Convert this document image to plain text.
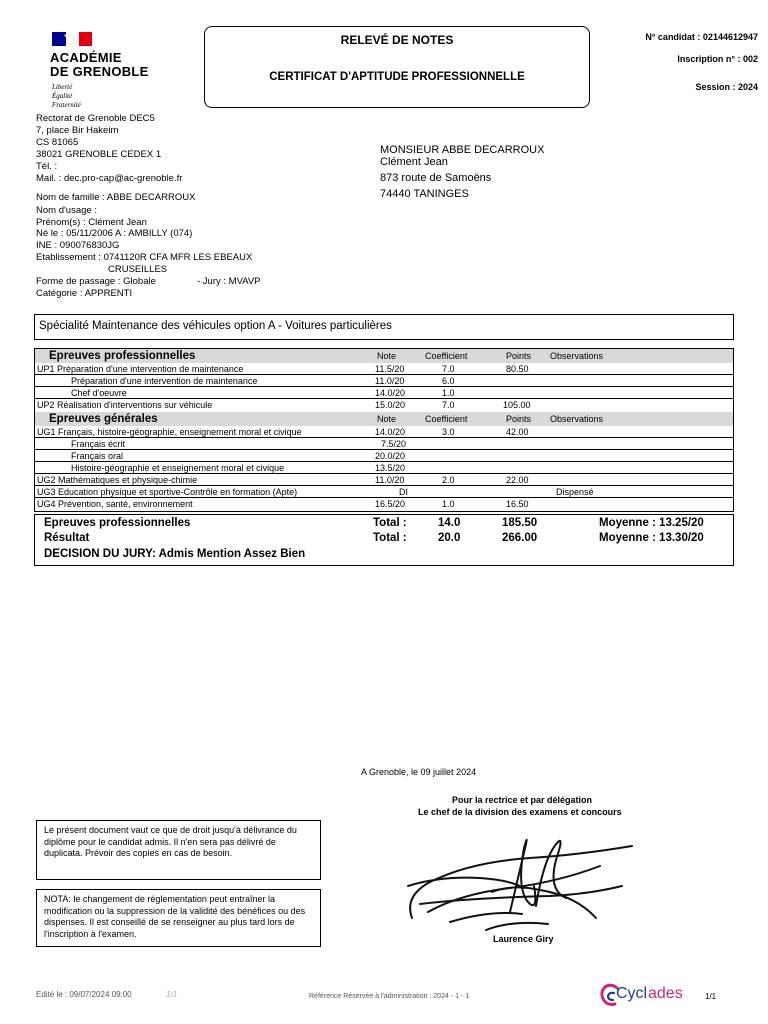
ACADÉMIE
DE GRENOBLE
Liberté
Égalité
Fraternité
RELEVÉ DE NOTES
CERTIFICAT D'APTITUDE PROFESSIONNELLE
N° candidat : 02144612947
Inscription n° : 002
Session : 2024
Rectorat de Grenoble DEC5
7, place Bir Hakeim
CS 81065
38021 GRENOBLE CEDEX 1
Tél. :
Mail. : dec.pro-cap@ac-grenoble.fr
MONSIEUR ABBE DECARROUX
Clément Jean
873 route de Samoëns
74440 TANINGES
Nom de famille : ABBE DECARROUX
Nom d'usage :
Prénom(s) : Clément Jean
Né le : 05/11/2006 A : AMBILLY (074)
INE : 090076830JG
Etablissement : 0741120R CFA MFR LES EBEAUX
CRUSEILLES
Forme de passage : Globale	- Jury : MVAVP
Catégorie : APPRENTI
Spécialité Maintenance des véhicules option A - Voitures particulières
Epreuves professionnelles	Note	Coefficient	Points Observations
UP1 Préparation d'une intervention de maintenance	11.5/20	7.0	80.50
Préparation d'une intervention de maintenance	11.0/20	6.0
Chef d'oeuvre	14.0/20	1.0
UP2 Réalisation d'interventions sur véhicule	15.0/20	7.0	105.00
Epreuves générales	Note	Coefficient	Points Observations
UG1 Français, histoire-géographie, enseignement moral et civique	14.0/20	3.0	42.00
Français écrit	7.5/20
Français oral	20.0/20
Histoire-géographie et enseignement moral et civique	13.5/20
UG2 Mathématiques et physique-chimie	11.0/20	2.0	22.00
UG3 Education physique et sportive-Contrôle en formation (Apte)	DI	Dispensé
UG4 Prévention, santé, environnement	16.5/20	1.0	16.50
Epreuves professionnelles	Total :	14.0	185.50	Moyenne : 13.25/20
Résultat	Total :	20.0	266.00	Moyenne : 13.30/20
DECISION DU JURY: Admis Mention Assez Bien
A Grenoble, le 09 juillet 2024
Pour la rectrice et par délégation
Le chef de la division des examens et concours
Le présent document vaut ce que de droit jusqu'à délivrance du diplôme pour le candidat admis. Il n'en sera pas délivré de duplicata. Prévoir des copies en cas de besoin.
NOTA: le changement de réglementation peut entraîner la modification ou la suppression de la validité des bénéfices ou des dispenses. Il est conseillé de se renseigner au plus tard lors de l'inscription à l'examen.
Laurence Giry
Edité le : 09/07/2024 09:00	1/1	Référence Réservée à l'administration : 2024 - 1 - 1	Cycl ades	1/1
